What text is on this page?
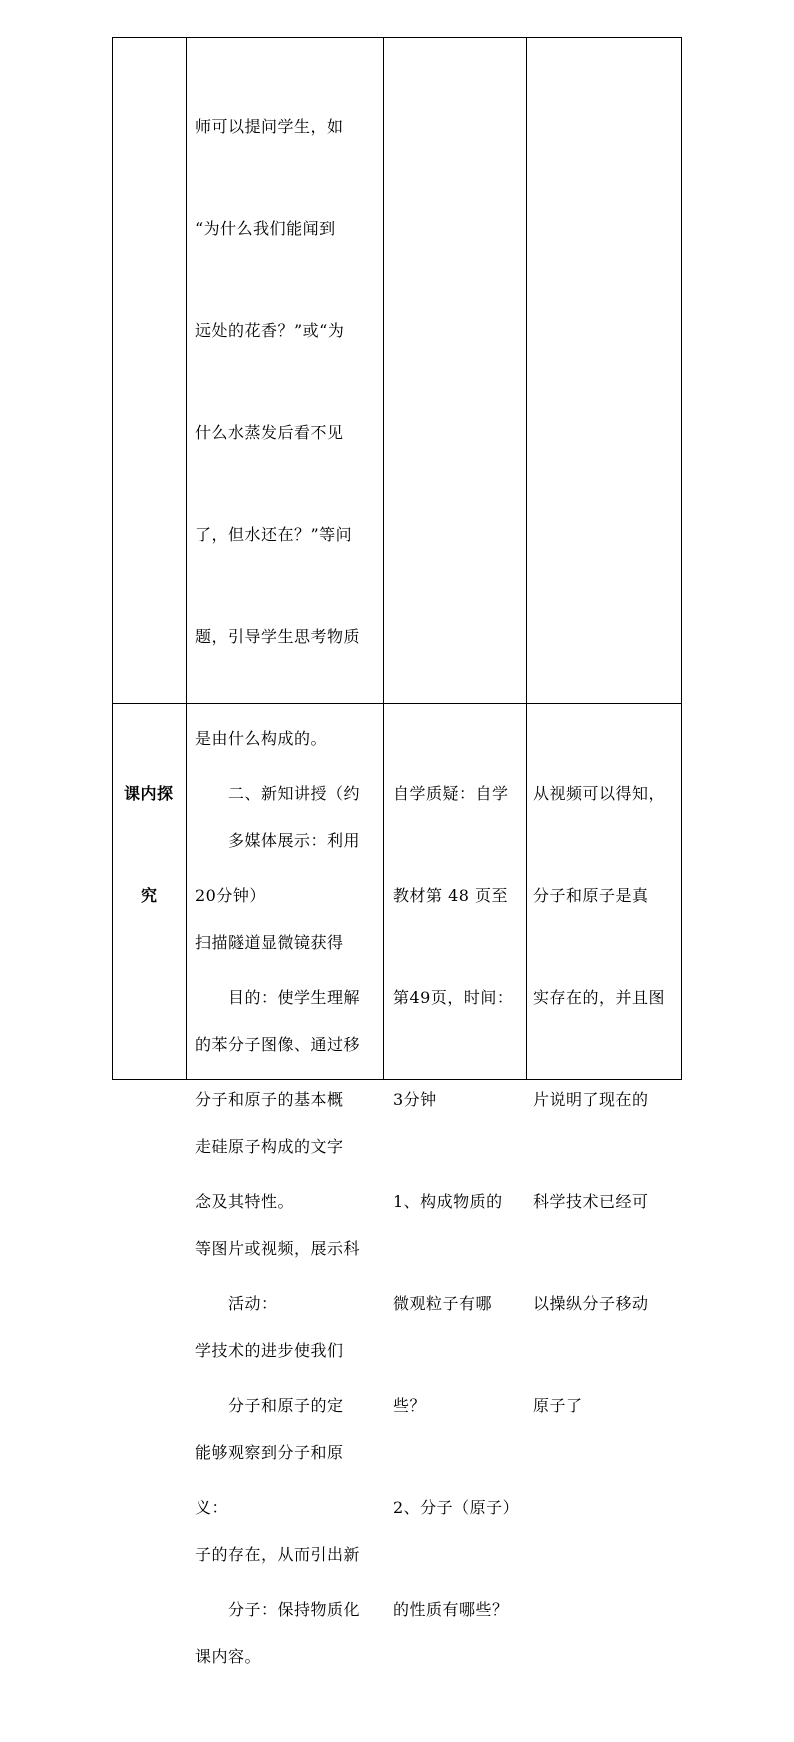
师可以提问学生，如

“为什么我们能闻到

远处的花香？”或“为

什么水蒸发后看不见

了，但水还在？”等问

题，引导学生思考物质

是由什么构成的。

　　多媒体展示：利用

扫描隧道显微镜获得

的苯分子图像、通过移

走硅原子构成的文字

等图片或视频，展示科

学技术的进步使我们

能够观察到分子和原

子的存在，从而引出新

课内容。

课内探

究

　　二、新知讲授（约

20分钟）

　　目的：使学生理解

分子和原子的基本概

念及其特性。

　　活动：

　　分子和原子的定

义：

　　分子：保持物质化

自学质疑：自学

教材第 48 页至

第49页，时间：

3分钟

1、构成物质的

微观粒子有哪

些？

2、分子（原子）

的性质有哪些？

从视频可以得知，

分子和原子是真

实存在的，并且图

片说明了现在的

科学技术已经可

以操纵分子移动

原子了
